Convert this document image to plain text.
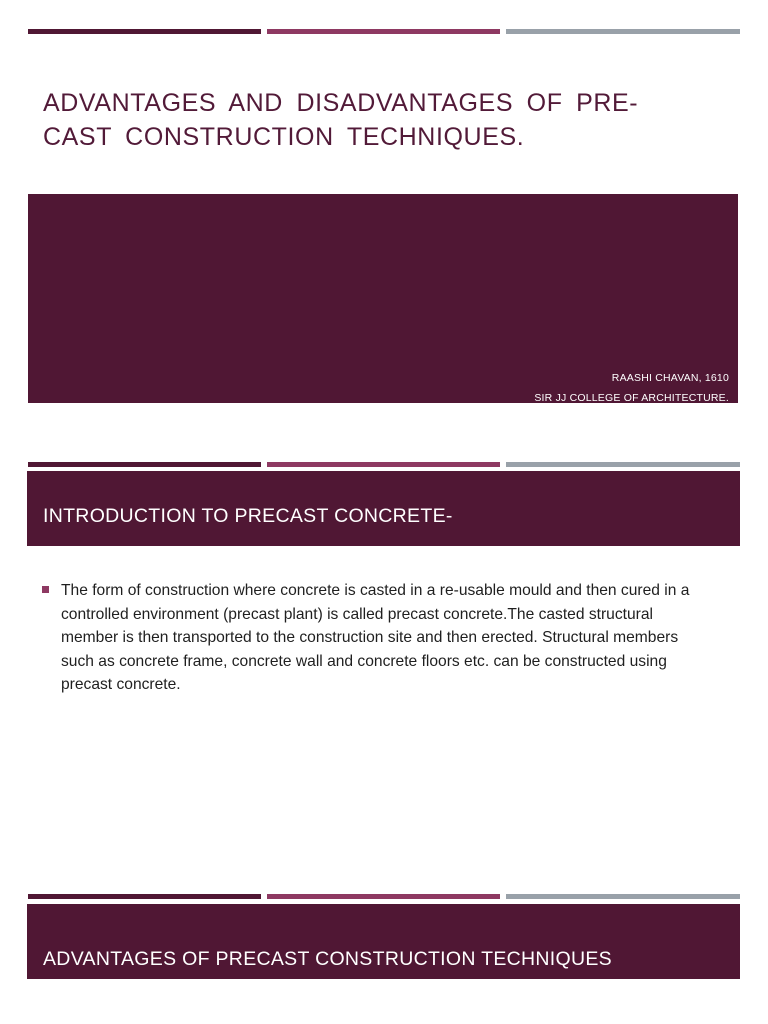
ADVANTAGES AND DISADVANTAGES OF PRE-CAST CONSTRUCTION TECHNIQUES.
RAASHI CHAVAN, 1610
SIR JJ COLLEGE OF ARCHITECTURE.
INTRODUCTION TO PRECAST CONCRETE-
The form of construction where concrete is casted in a re-usable mould and then cured in a controlled environment (precast plant) is called precast concrete.The casted structural member is then transported to the construction site and then erected. Structural members such as concrete frame, concrete wall and concrete floors etc. can be constructed using precast concrete.
ADVANTAGES OF PRECAST CONSTRUCTION TECHNIQUES
